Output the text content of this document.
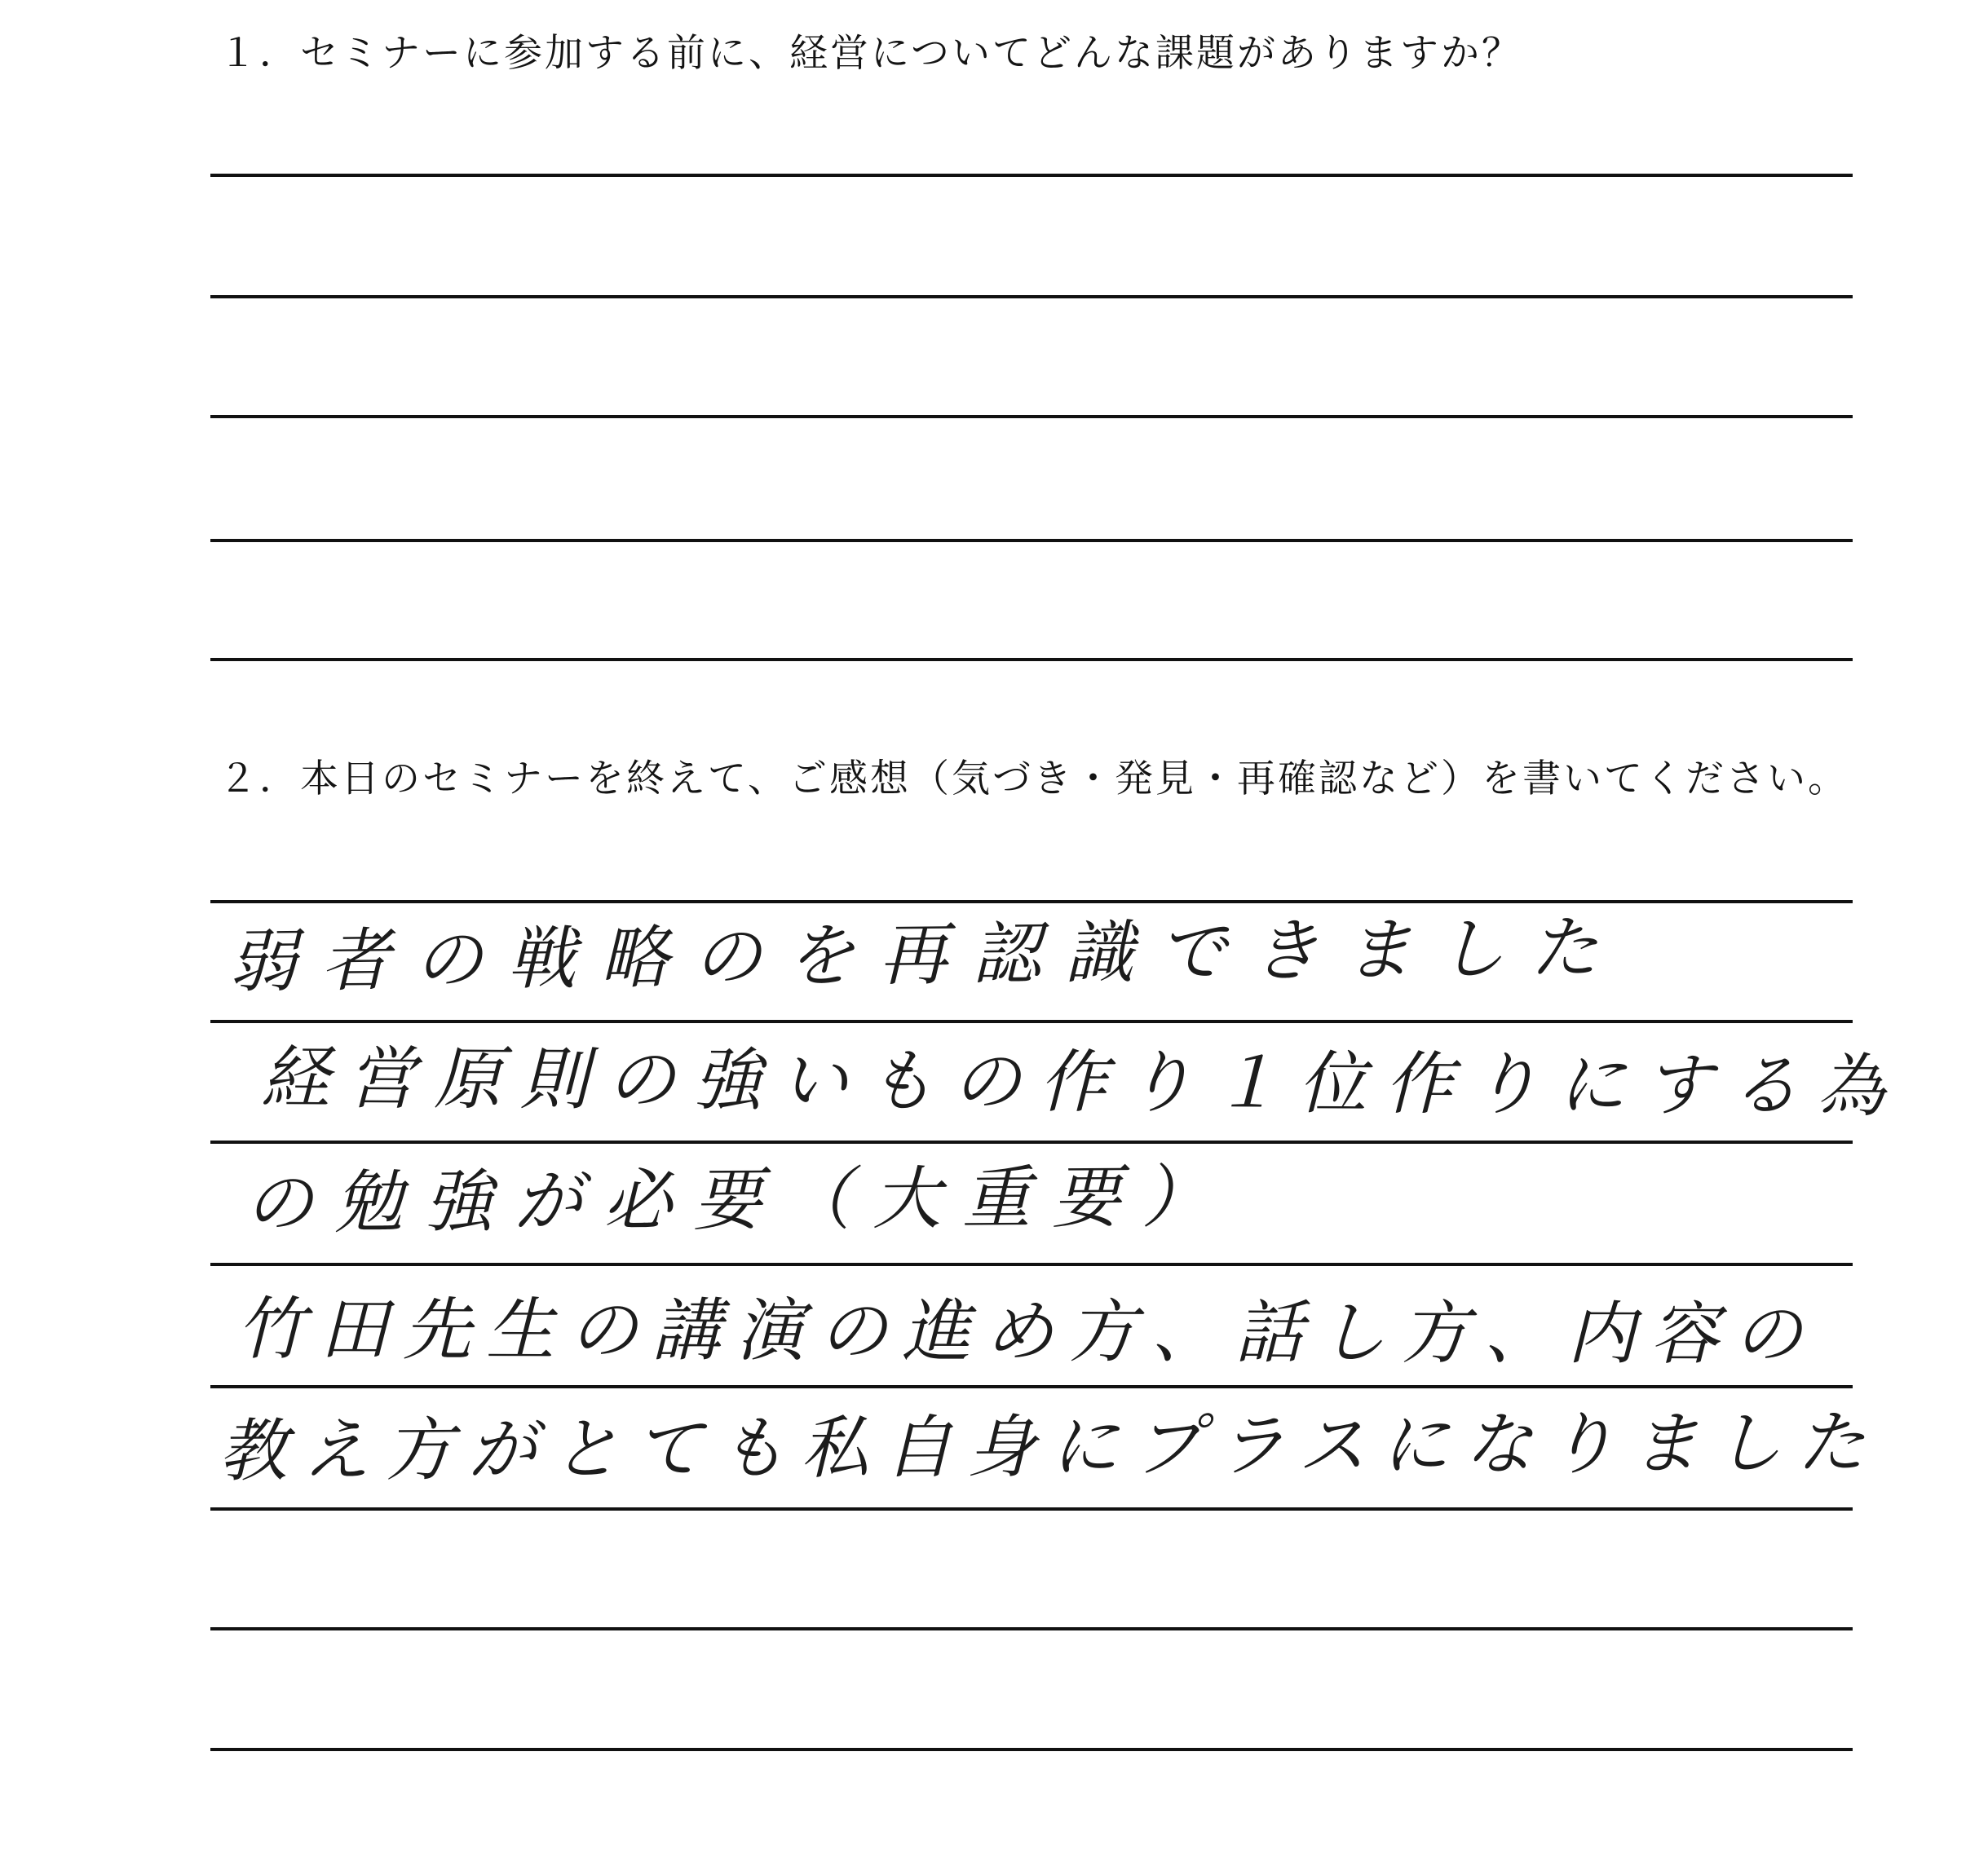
１．セミナーに参加する前に、経営についてどんな課題がありますか？
２．本日のセミナーを終えて、ご感想（気づき・発見・再確認など）を書いてください。
弱者の戦略のを再認識できました
経営原則の強いもの作り１位作りにする為
の勉強が必要（大重要）
竹田先生の講演の進め方、話し方、内容の
教え方がとても私自身にプラスになりました
